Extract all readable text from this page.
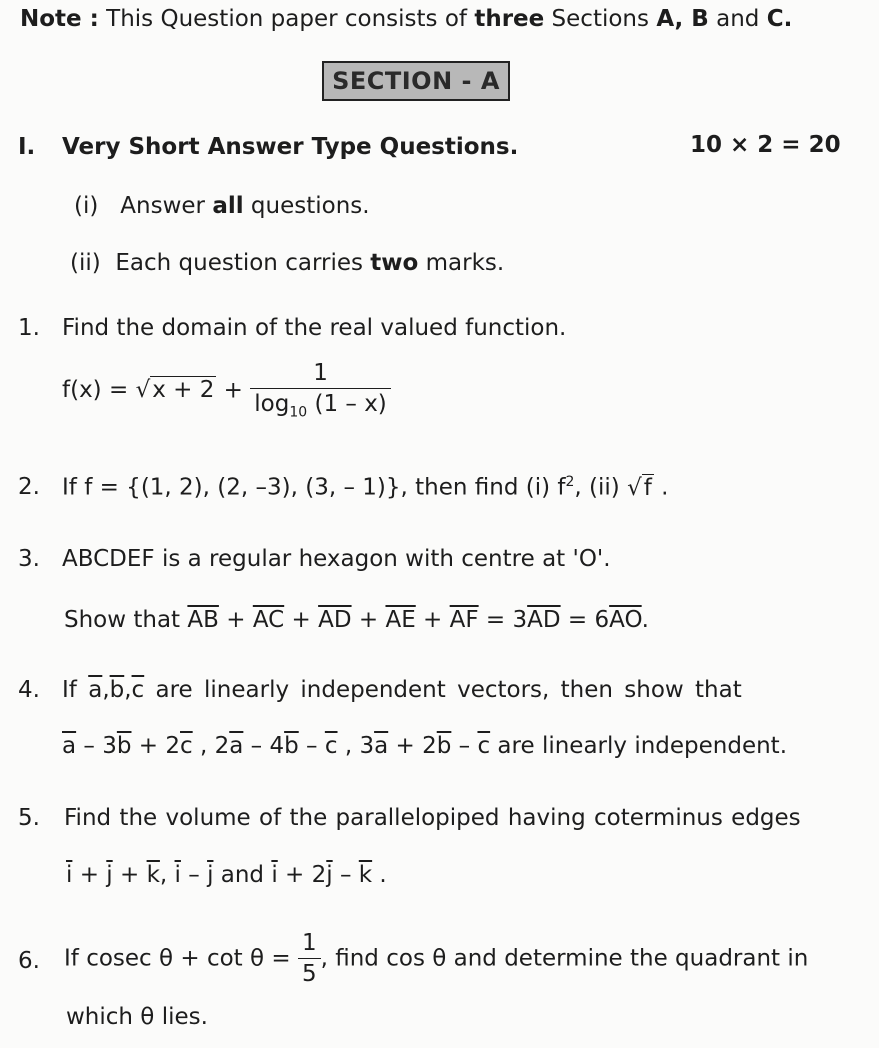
Note : This Question paper consists of three Sections A, B and C.
SECTION - A
I. Very Short Answer Type Questions.	10 × 2 = 20
(i) Answer all questions.
(ii) Each question carries two marks.
1. Find the domain of the real valued function.
$f(x) = √x + 2 + \frac{1}{\log_{10} (1 - x)}$
2. If f = {(1, 2), (2, –3), (3, – 1)}, then find (i) $f^2$, (ii) √f .
3. ABCDEF is a regular hexagon with centre at 'O'.
Show that $\overline{AB} + \overline{AC} + \overline{AD} + \overline{AE} + \overline{AF} = 3\overline{AD} = 6\overline{AO}$.
4. If $\overline{a},\overline{b},\overline{c}$ are linearly independent vectors, then show that
$\overline{a} - 3\overline{b} + 2\overline{c}$ , $2\overline{a} - 4\overline{b} - \overline{c}$ , $3\overline{a} + 2\overline{b} - \overline{c}$ are linearly independent.
5. Find the volume of the parallelopiped having coterminus edges
$\overline{i} + \overline{j} + \overline{k}$, $\overline{i} - \overline{j}$ and $\overline{i} + 2\overline{j} - \overline{k}$ .
6. If cosec $\theta + \cot \theta = \frac{1}{5}$ , find cos θ and determine the quadrant in
which θ lies.
